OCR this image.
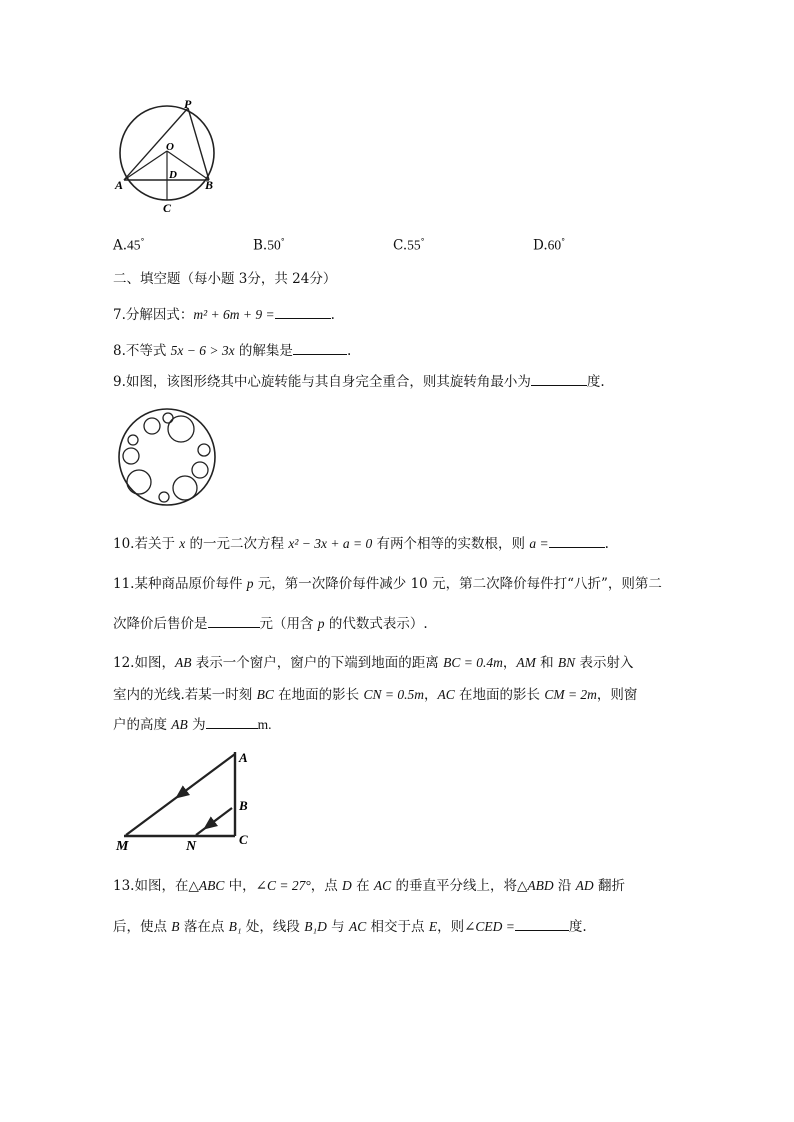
P
O
D
A	B
C
A.45°	B.50°	C.55°	D.60°
二、填空题（每小题 3分，共 24分）
7.分解因式：m² + 6m + 9 =	.
8.不等式 5x − 6 > 3x 的解集是	.
9.如图，该图形绕其中心旋转能与其自身完全重合，则其旋转角最小为	度.
10.若关于 x 的一元二次方程 x² − 3x + a = 0 有两个相等的实数根，则 a =	.
11.某种商品原价每件 p 元，第一次降价每件减少 10 元，第二次降价每件打“八折”，则第二
次降价后售价是	元（用含 p 的代数式表示）.
12.如图，AB 表示一个窗户，窗户的下端到地面的距离 BC = 0.4m，AM 和 BN 表示射入
室内的光线.若某一时刻 BC 在地面的影长 CN = 0.5m，AC 在地面的影长 CM = 2m，则窗
户的高度 AB 为	m.
A
B
C
M	N
13.如图，在△ABC 中，∠C = 27°，点 D 在 AC 的垂直平分线上，将△ABD 沿 AD 翻折
后，使点 B 落在点 B₁ 处，线段 B₁D 与 AC 相交于点 E，则∠CED =	度.
